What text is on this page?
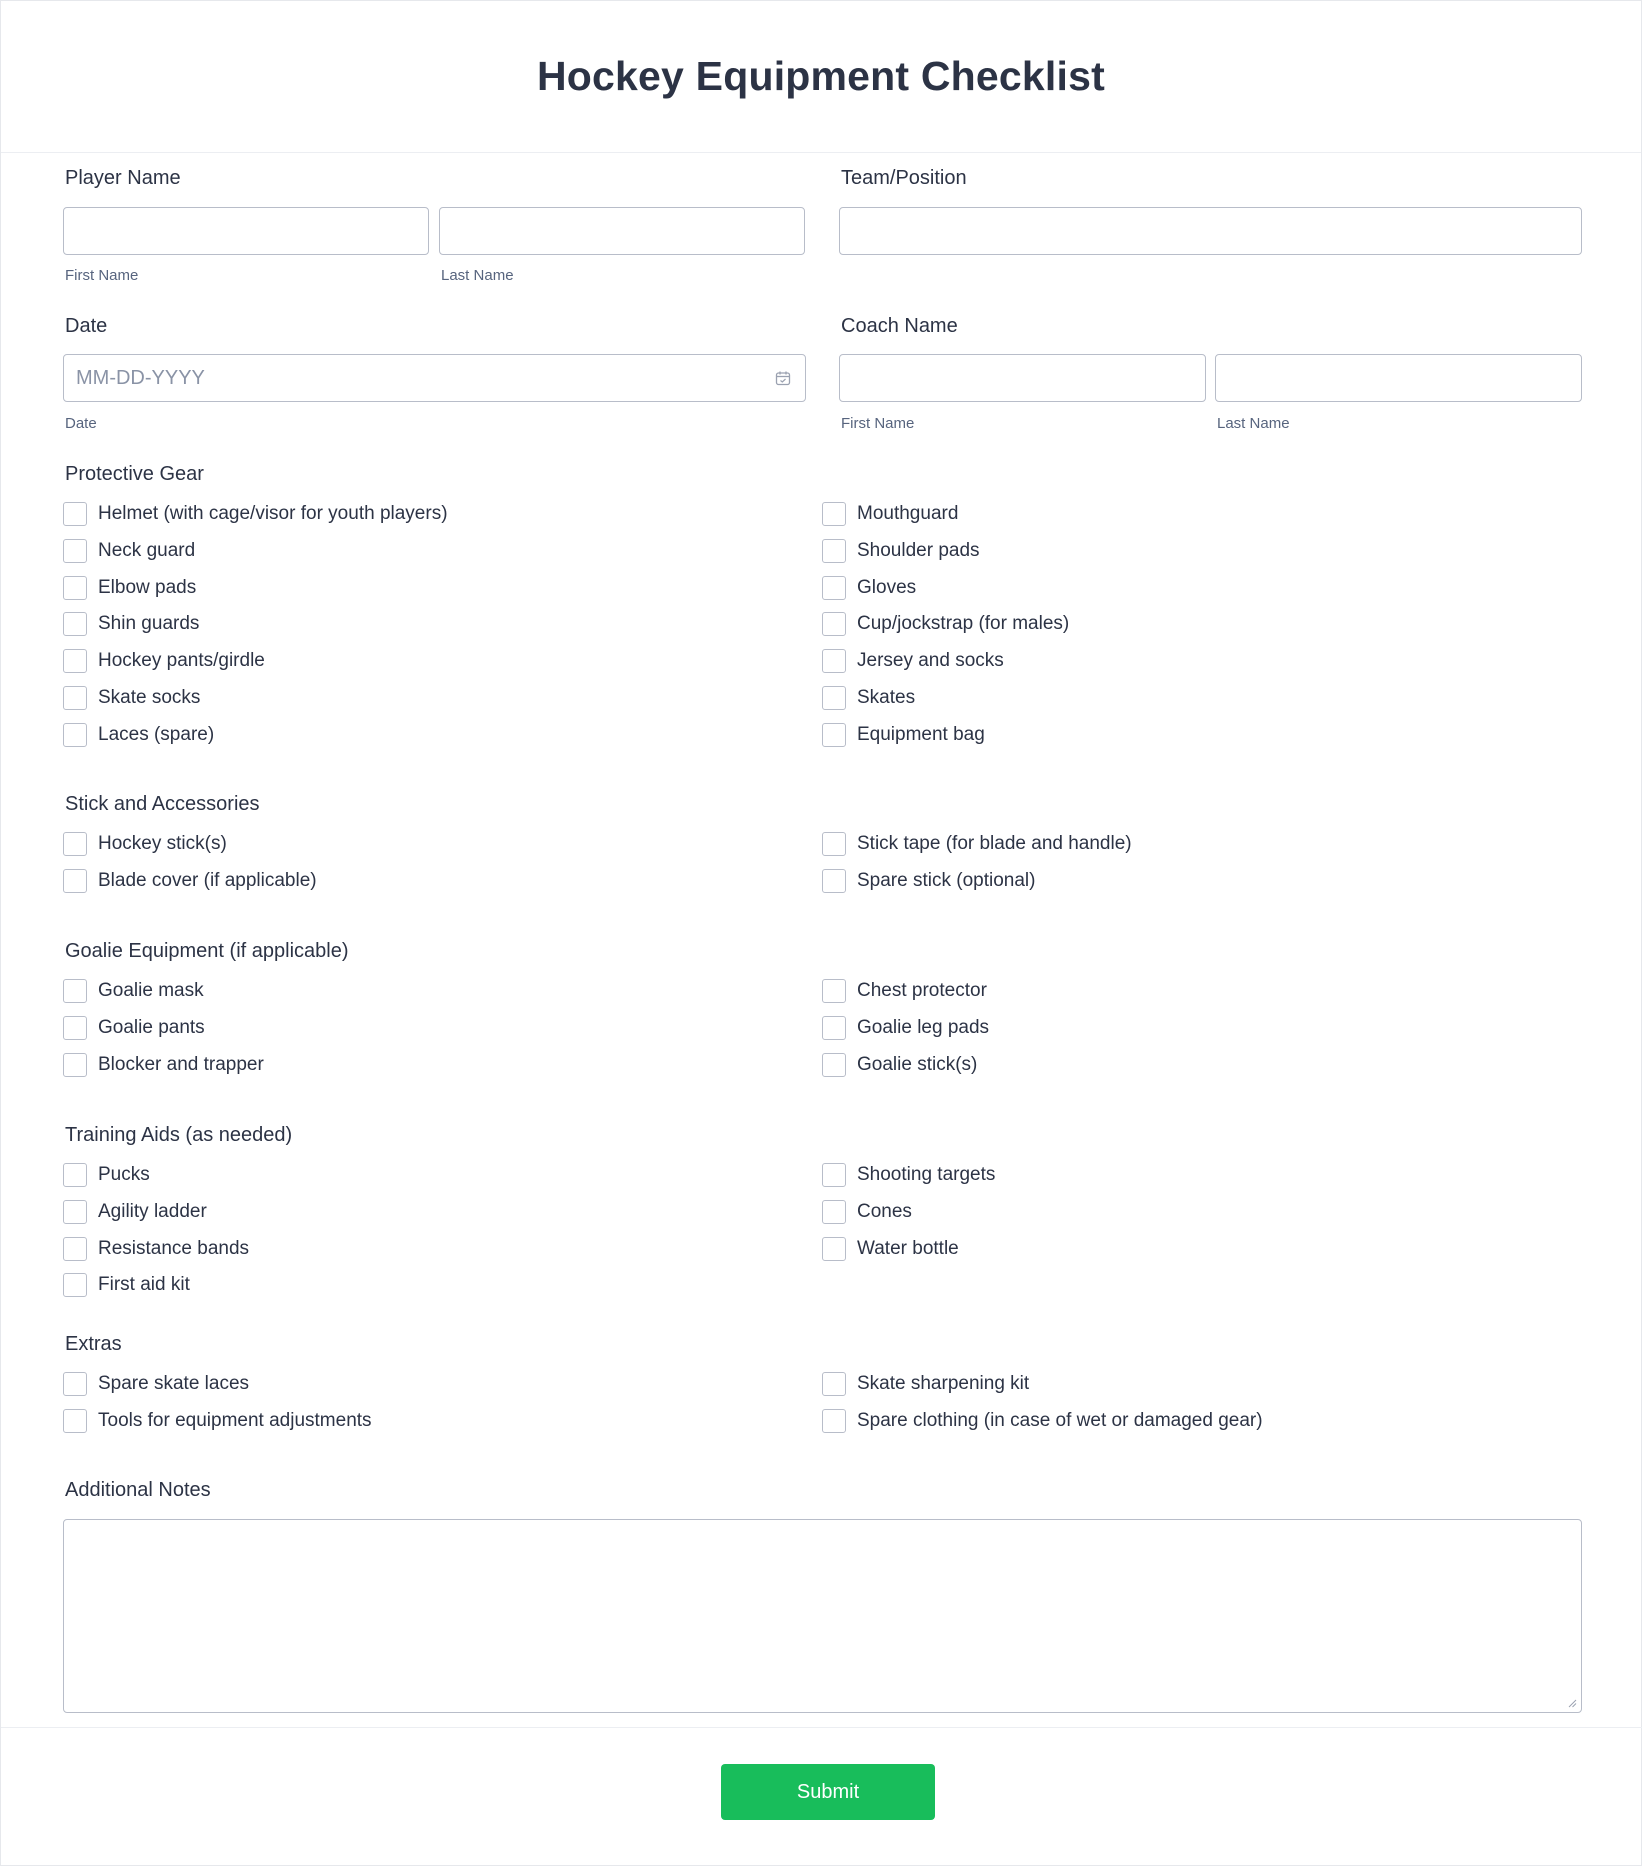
Hockey Equipment Checklist
Player Name
First Name	Last Name
Team/Position
Date
MM-DD-YYYY
Date
Coach Name
First Name	Last Name
Protective Gear
Helmet (with cage/visor for youth players)
Neck guard
Elbow pads
Shin guards
Hockey pants/girdle
Skate socks
Laces (spare)
Mouthguard
Shoulder pads
Gloves
Cup/jockstrap (for males)
Jersey and socks
Skates
Equipment bag
Stick and Accessories
Hockey stick(s)
Blade cover (if applicable)
Stick tape (for blade and handle)
Spare stick (optional)
Goalie Equipment (if applicable)
Goalie mask
Goalie pants
Blocker and trapper
Chest protector
Goalie leg pads
Goalie stick(s)
Training Aids (as needed)
Pucks
Agility ladder
Resistance bands
First aid kit
Shooting targets
Cones
Water bottle
Extras
Spare skate laces
Tools for equipment adjustments
Skate sharpening kit
Spare clothing (in case of wet or damaged gear)
Additional Notes
Submit
